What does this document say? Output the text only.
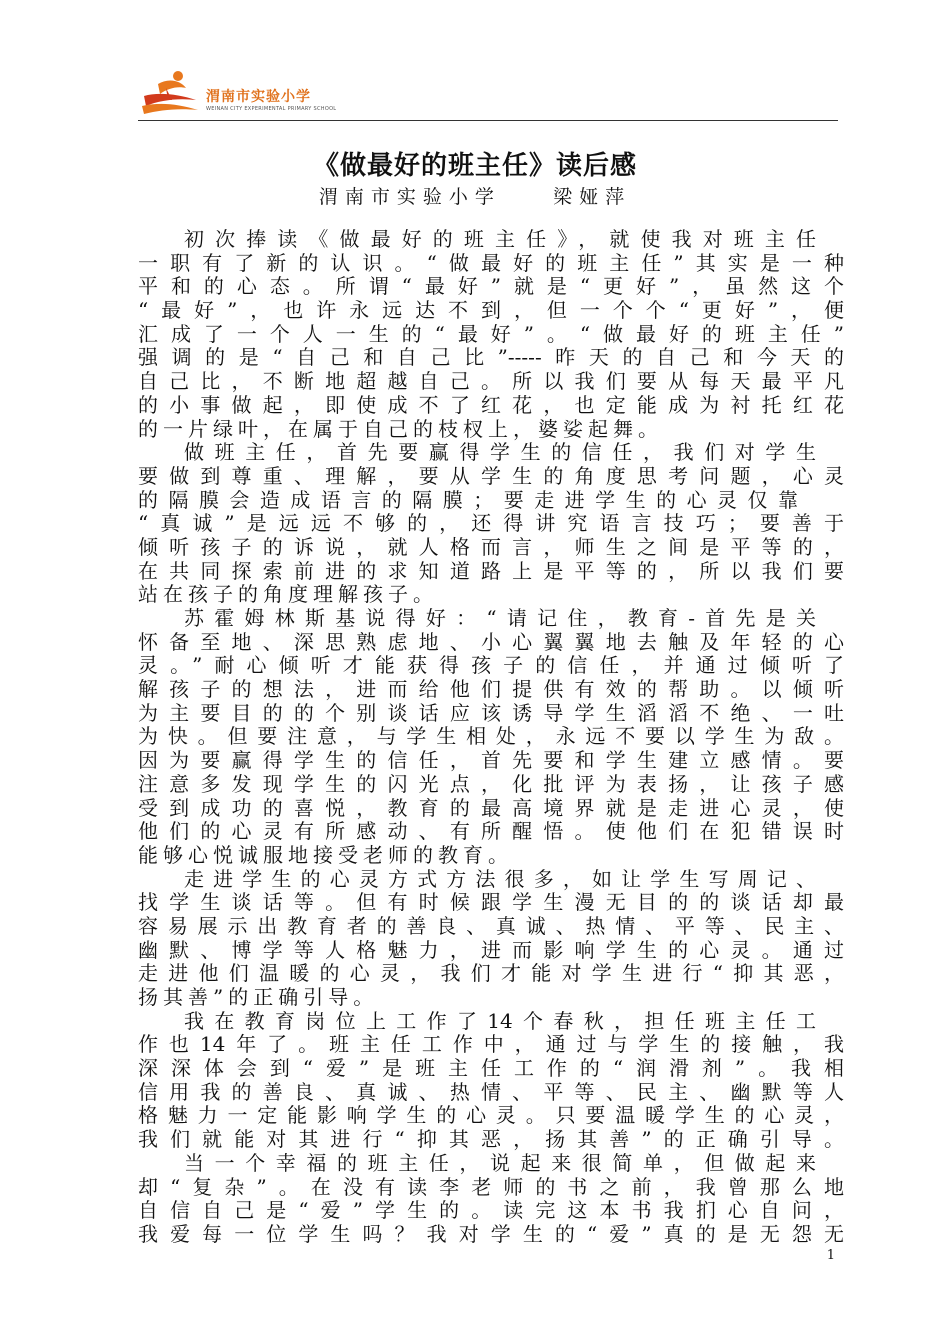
渭南市实验小学
WEINAN CITY EXPERIMENTAL PRIMARY SCHOOL
《做最好的班主任》读后感
渭南市实验小学    梁娅萍
初次捧读《做最好的班主任》，就使我对班主任
一职有了新的认识。“做最好的班主任”其实是一种
平和的心态。所谓“最好”就是“更好”，虽然这个
“最好”，也许永远达不到，但一个个“更好”，便
汇成了一个人一生的“最好”。“做最好的班主任”
强调的是“自己和自己比”-----昨天的自己和今天的
自己比，不断地超越自己。所以我们要从每天最平凡
的小事做起，即使成不了红花，也定能成为衬托红花
的一片绿叶，在属于自己的枝杈上，婆娑起舞。
做班主任，首先要赢得学生的信任，我们对学生
要做到尊重、理解，要从学生的角度思考问题，心灵
的隔膜会造成语言的隔膜；要走进学生的心灵仅靠
“真诚”是远远不够的，还得讲究语言技巧；要善于
倾听孩子的诉说，就人格而言，师生之间是平等的，
在共同探索前进的求知道路上是平等的，所以我们要
站在孩子的角度理解孩子。
苏霍姆林斯基说得好：“请记住，教育-首先是关
怀备至地、深思熟虑地、小心翼翼地去触及年轻的心
灵。”耐心倾听才能获得孩子的信任，并通过倾听了
解孩子的想法，进而给他们提供有效的帮助。以倾听
为主要目的的个别谈话应该诱导学生滔滔不绝、一吐
为快。但要注意，与学生相处，永远不要以学生为敌。
因为要赢得学生的信任，首先要和学生建立感情。要
注意多发现学生的闪光点，化批评为表扬，让孩子感
受到成功的喜悦，教育的最高境界就是走进心灵，使
他们的心灵有所感动、有所醒悟。使他们在犯错误时
能够心悦诚服地接受老师的教育。
走进学生的心灵方式方法很多，如让学生写周记、
找学生谈话等。但有时候跟学生漫无目的的谈话却最
容易展示出教育者的善良、真诚、热情、平等、民主、
幽默、博学等人格魅力，进而影响学生的心灵。通过
走进他们温暖的心灵，我们才能对学生进行“抑其恶，
扬其善”的正确引导。
我在教育岗位上工作了14个春秋，担任班主任工
作也14年了。班主任工作中，通过与学生的接触，我
深深体会到“爱”是班主任工作的“润滑剂”。我相
信用我的善良、真诚、热情、平等、民主、幽默等人
格魅力一定能影响学生的心灵。只要温暖学生的心灵，
我们就能对其进行“抑其恶，扬其善”的正确引导。
当一个幸福的班主任，说起来很简单，但做起来
却“复杂”。在没有读李老师的书之前，我曾那么地
自信自己是“爱”学生的。读完这本书我扪心自问，
我爱每一位学生吗？我对学生的“爱”真的是无怨无
1
